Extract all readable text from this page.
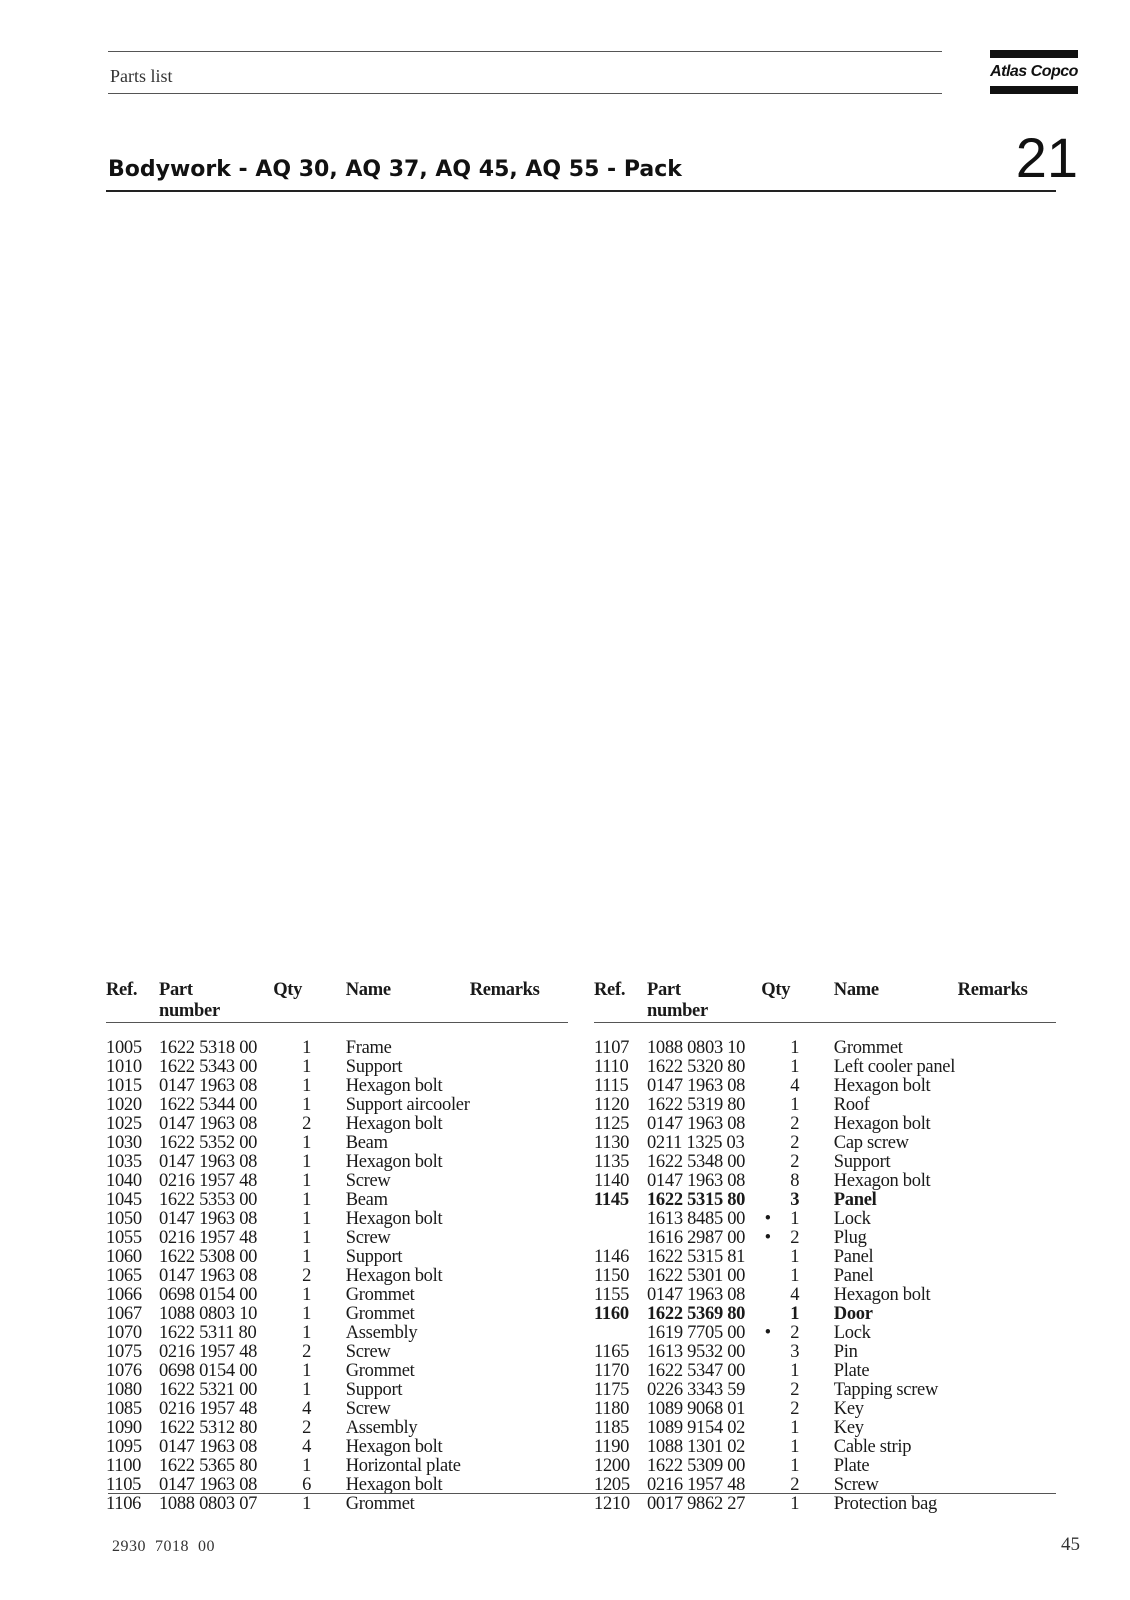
Parts list	Atlas Copco
Bodywork - AQ 30, AQ 37, AQ 45, AQ 55 - Pack	21
Ref.	Part number	Qty		Name	Remarks

1005	1622 5318 00		1	Frame	
1010	1622 5343 00		1	Support	
1015	0147 1963 08		1	Hexagon bolt	
1020	1622 5344 00		1	Support aircooler	
1025	0147 1963 08		2	Hexagon bolt	
1030	1622 5352 00		1	Beam	
1035	0147 1963 08		1	Hexagon bolt	
1040	0216 1957 48		1	Screw	
1045	1622 5353 00		1	Beam	
1050	0147 1963 08		1	Hexagon bolt	
1055	0216 1957 48		1	Screw	
1060	1622 5308 00		1	Support	
1065	0147 1963 08		2	Hexagon bolt	
1066	0698 0154 00		1	Grommet	
1067	1088 0803 10		1	Grommet	
1070	1622 5311 80		1	Assembly	
1075	0216 1957 48		2	Screw	
1076	0698 0154 00		1	Grommet	
1080	1622 5321 00		1	Support	
1085	0216 1957 48		4	Screw	
1090	1622 5312 80		2	Assembly	
1095	0147 1963 08		4	Hexagon bolt	
1100	1622 5365 80		1	Horizontal plate	
1105	0147 1963 08		6	Hexagon bolt	
1106	1088 0803 07		1	Grommet	
Ref.	Part number	Qty		Name	Remarks

1107	1088 0803 10		1	Grommet	
1110	1622 5320 80		1	Left cooler panel	
1115	0147 1963 08		4	Hexagon bolt	
1120	1622 5319 80		1	Roof	
1125	0147 1963 08		2	Hexagon bolt	
1130	0211 1325 03		2	Cap screw	
1135	1622 5348 00		2	Support	
1140	0147 1963 08		8	Hexagon bolt	
1145	1622 5315 80		3	Panel	
	1613 8485 00	•	1	Lock	
	1616 2987 00	•	2	Plug	
1146	1622 5315 81		1	Panel	
1150	1622 5301 00		1	Panel	
1155	0147 1963 08		4	Hexagon bolt	
1160	1622 5369 80		1	Door	
	1619 7705 00	•	2	Lock	
1165	1613 9532 00		3	Pin	
1170	1622 5347 00		1	Plate	
1175	0226 3343 59		2	Tapping screw	
1180	1089 9068 01		2	Key	
1185	1089 9154 02		1	Key	
1190	1088 1301 02		1	Cable strip	
1200	1622 5309 00		1	Plate	
1205	0216 1957 48		2	Screw	
1210	0017 9862 27		1	Protection bag	
2930  7018  00	45
